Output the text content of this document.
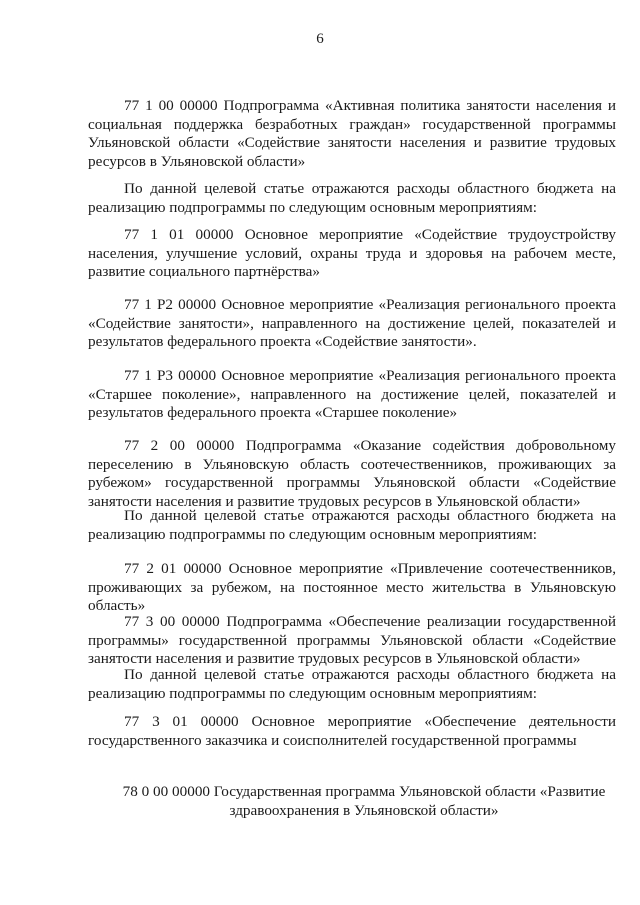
6

77 1 00 00000 Подпрограмма «Активная политика занятости населения и социальная поддержка безработных граждан» государственной программы Ульяновской области «Содействие занятости населения и развитие трудовых ресурсов в Ульяновской области»

По данной целевой статье отражаются расходы областного бюджета на реализацию подпрограммы по следующим основным мероприятиям:

77 1 01 00000 Основное мероприятие «Содействие трудоустройству населения, улучшение условий, охраны труда и здоровья на рабочем месте, развитие социального партнёрства»

77 1 P2 00000 Основное мероприятие «Реализация регионального проекта «Содействие занятости», направленного на достижение целей, показателей и результатов федерального проекта «Содействие занятости».

77 1 P3 00000 Основное мероприятие «Реализация регионального проекта «Старшее поколение», направленного на достижение целей, показателей и результатов федерального проекта «Старшее поколение»

77 2 00 00000 Подпрограмма «Оказание содействия добровольному переселению в Ульяновскую область соотечественников, проживающих за рубежом» государственной программы Ульяновской области «Содействие занятости населения и развитие трудовых ресурсов в Ульяновской области»

По данной целевой статье отражаются расходы областного бюджета на реализацию подпрограммы по следующим основным мероприятиям:

77 2 01 00000 Основное мероприятие «Привлечение соотечественников, проживающих за рубежом, на постоянное место жительства в Ульяновскую область»

77 3 00 00000 Подпрограмма «Обеспечение реализации государственной программы» государственной программы Ульяновской области «Содействие занятости населения и развитие трудовых ресурсов в Ульяновской области»

По данной целевой статье отражаются расходы областного бюджета на реализацию подпрограммы по следующим основным мероприятиям:

77 3 01 00000 Основное мероприятие «Обеспечение деятельности государственного заказчика и соисполнителей государственной программы

78 0 00 00000 Государственная программа Ульяновской области «Развитие здравоохранения в Ульяновской области»
